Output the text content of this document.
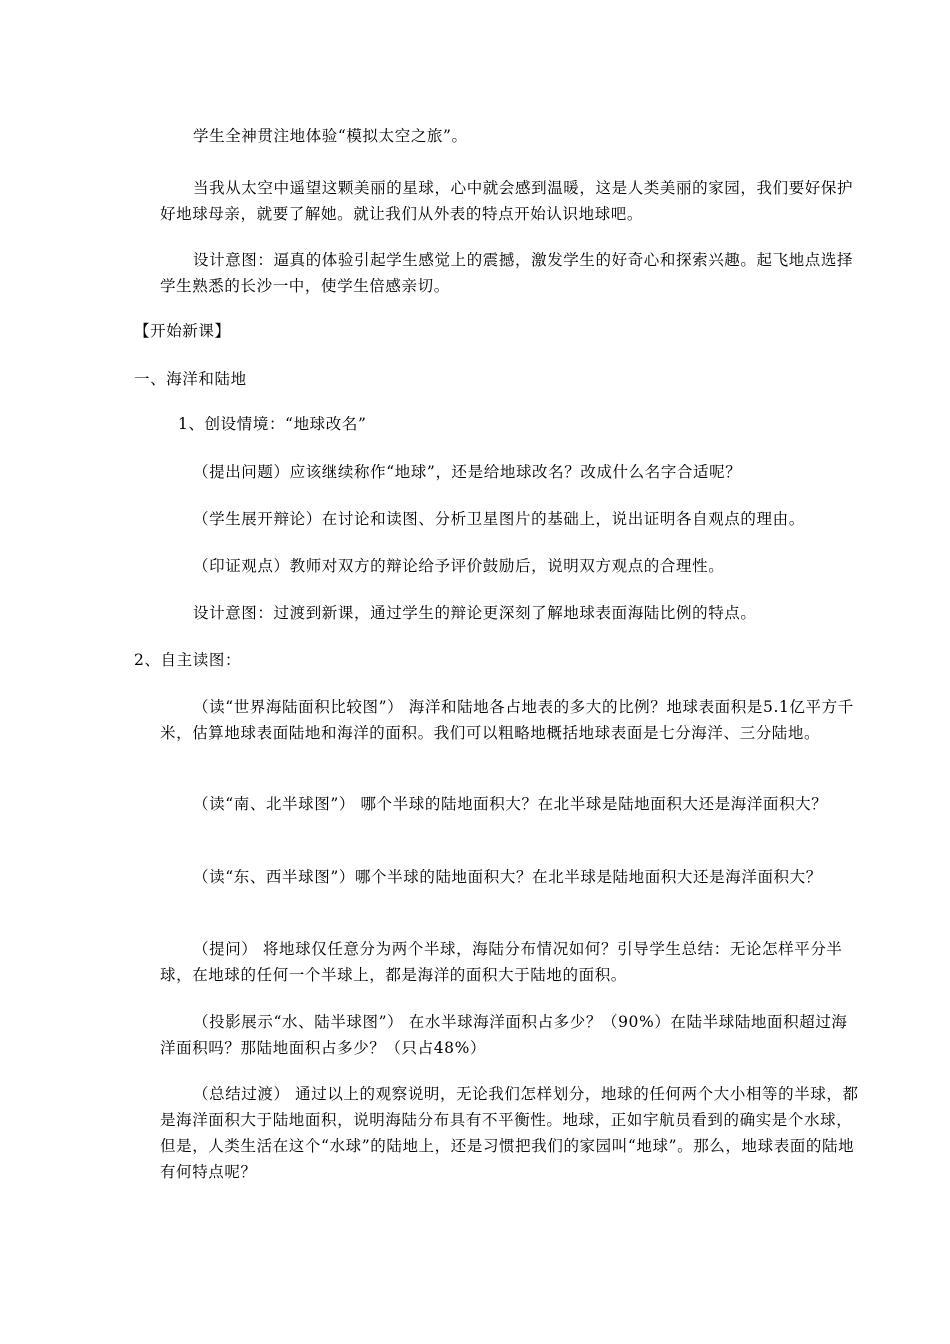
学生全神贯注地体验“模拟太空之旅”。

当我从太空中遥望这颗美丽的星球，心中就会感到温暖，这是人类美丽的家园，我们要好保护好地球母亲，就要了解她。就让我们从外表的特点开始认识地球吧。

设计意图：逼真的体验引起学生感觉上的震撼，激发学生的好奇心和探索兴趣。起飞地点选择学生熟悉的长沙一中，使学生倍感亲切。

【开始新课】

一、海洋和陆地

1、创设情境：“地球改名”

（提出问题）应该继续称作“地球”，还是给地球改名？改成什么名字合适呢？

（学生展开辩论）在讨论和读图、分析卫星图片的基础上，说出证明各自观点的理由。

（印证观点）教师对双方的辩论给予评价鼓励后，说明双方观点的合理性。

设计意图：过渡到新课，通过学生的辩论更深刻了解地球表面海陆比例的特点。

2、自主读图：

（读“世界海陆面积比较图”） 海洋和陆地各占地表的多大的比例？地球表面积是5.1亿平方千米，估算地球表面陆地和海洋的面积。我们可以粗略地概括地球表面是七分海洋、三分陆地。

（读“南、北半球图”） 哪个半球的陆地面积大？在北半球是陆地面积大还是海洋面积大？

（读“东、西半球图”）哪个半球的陆地面积大？在北半球是陆地面积大还是海洋面积大？

（提问） 将地球仅任意分为两个半球，海陆分布情况如何？引导学生总结：无论怎样平分半球，在地球的任何一个半球上，都是海洋的面积大于陆地的面积。

（投影展示“水、陆半球图”） 在水半球海洋面积占多少？（90%）在陆半球陆地面积超过海洋面积吗？那陆地面积占多少？（只占48%）

（总结过渡） 通过以上的观察说明，无论我们怎样划分，地球的任何两个大小相等的半球，都是海洋面积大于陆地面积，说明海陆分布具有不平衡性。地球，正如宇航员看到的确实是个水球，但是，人类生活在这个“水球”的陆地上，还是习惯把我们的家园叫“地球”。那么，地球表面的陆地有何特点呢？
